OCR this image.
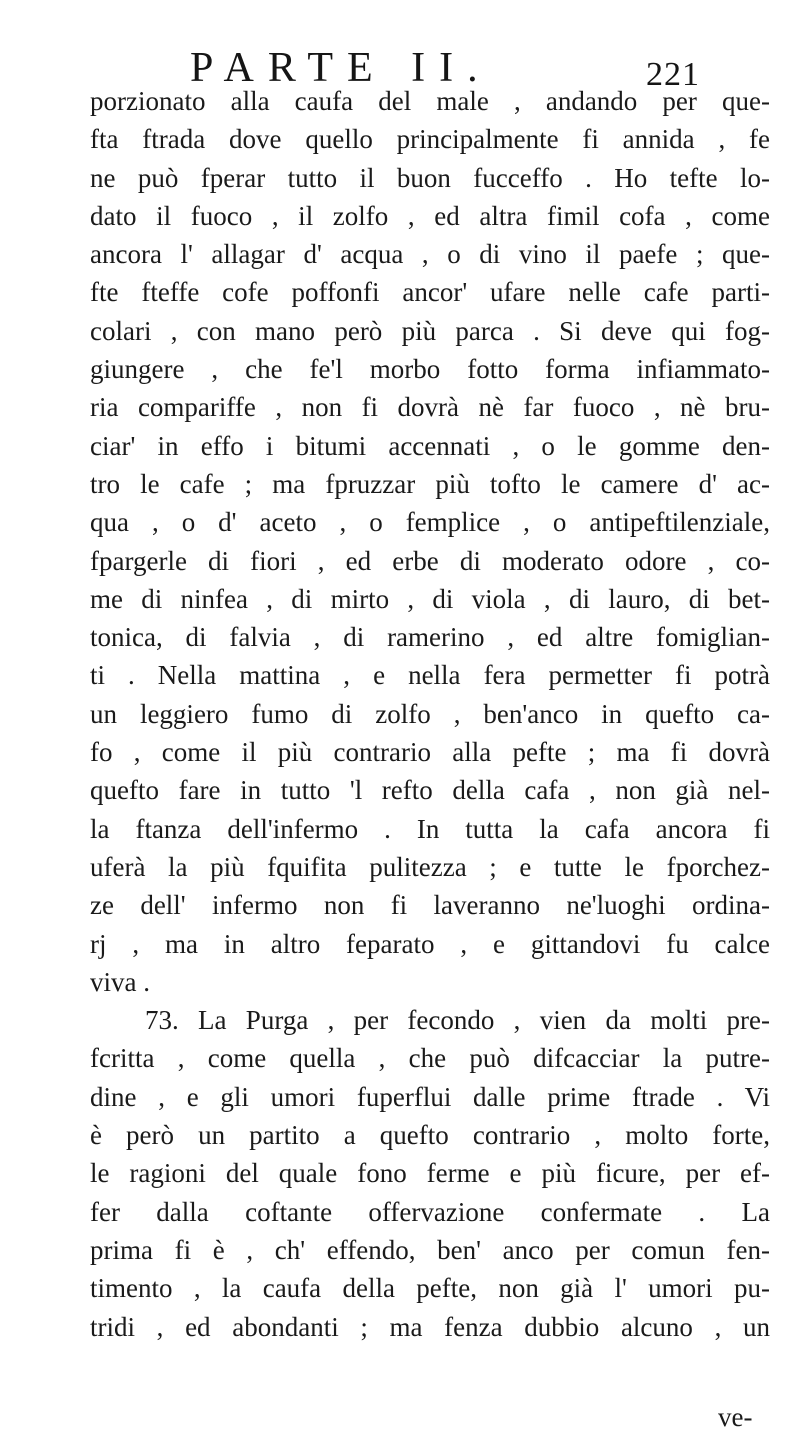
PARTE II.	221
porzionato alla caufa del male , andando per que-
fta ftrada dove quello principalmente fi annida , fe
ne può fperar tutto il buon fucceffo . Ho tefte lo-
dato il fuoco , il zolfo , ed altra fimil cofa , come
ancora l' allagar d' acqua , o di vino il paefe ; que-
fte fteffe cofe poffonfi ancor' ufare nelle cafe parti-
colari , con mano però più parca . Si deve qui fog-
giungere , che fe'l morbo fotto forma infiammato-
ria compariffe , non fi dovrà nè far fuoco , nè bru-
ciar' in effo i bitumi accennati , o le gomme den-
tro le cafe ; ma fpruzzar più tofto le camere d' ac-
qua , o d' aceto , o femplice , o antipeftilenziale,
fpargerle di fiori , ed erbe di moderato odore , co-
me di ninfea , di mirto , di viola , di lauro, di bet-
tonica, di falvia , di ramerino , ed altre fomiglian-
ti . Nella mattina , e nella fera permetter fi potrà
un leggiero fumo di zolfo , ben'anco in quefto ca-
fo , come il più contrario alla pefte ; ma fi dovrà
quefto fare in tutto 'l refto della cafa , non già nel-
la ftanza dell'infermo . In tutta la cafa ancora fi
uferà la più fquifita pulitezza ; e tutte le fporchez-
ze dell' infermo non fi laveranno ne'luoghi ordina-
rj , ma in altro feparato , e gittandovi fu calce
viva .
73. La Purga , per fecondo , vien da molti pre-
fcritta , come quella , che può difcacciar la putre-
dine , e gli umori fuperflui dalle prime ftrade . Vi
è però un partito a quefto contrario , molto forte,
le ragioni del quale fono ferme e più ficure, per ef-
fer dalla coftante offervazione confermate . La
prima fi è , ch' effendo, ben' anco per comun fen-
timento , la caufa della pefte, non già l' umori pu-
tridi , ed abondanti ; ma fenza dubbio alcuno , un
ve-
